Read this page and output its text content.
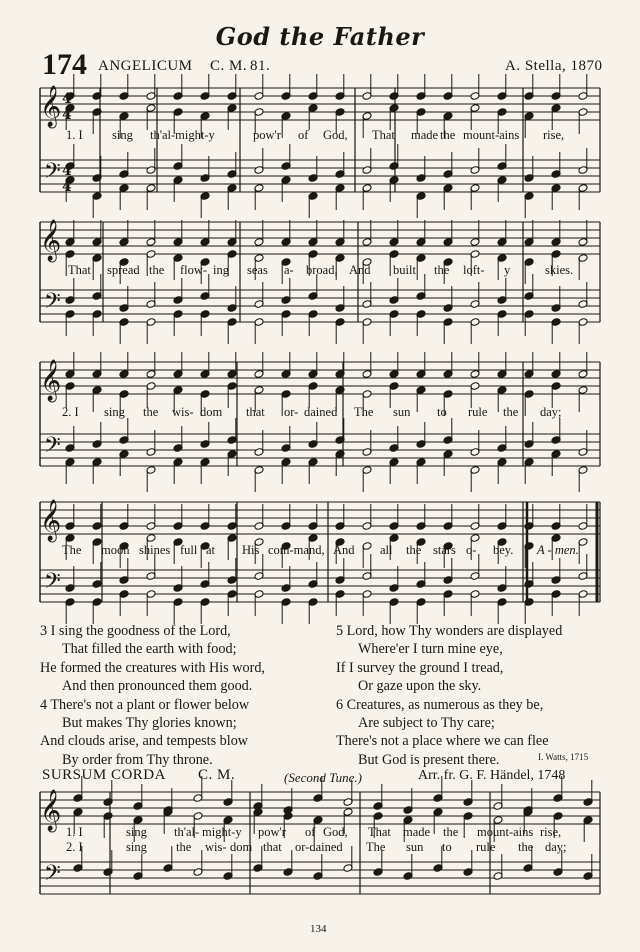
God the Father
174 ANGELICUM C. M. 81.	A. Stella, 1870
𝄞
𝄢
𝄞
𝄢
𝄞
𝄢
𝄞
𝄢
4
4
4
4
𝄞
𝄢
1. I sing th'al-might-y	pow'r of God, That made the mount-ains rise,
That spread the flow- ing seas a- broad, And built the loft- y	skies.
2. I sing the wis- dom that or- dained The sun to rule the day;
The moon shines full at His com-mand, And all the stars o- bey. A - men.
3 I sing the goodness of the Lord,
That filled the earth with food;
He formed the creatures with His word,
And then pronounced them good.
4 There's not a plant or flower below
But makes Thy glories known;
And clouds arise, and tempests blow
By order from Thy throne.
5 Lord, how Thy wonders are displayed
Where'er I turn mine eye,
If I survey the ground I tread,
Or gaze upon the sky.
6 Creatures, as numerous as they be,
Are subject to Thy care;
There's not a place where we can flee
But God is present there.	I. Watts, 1715
SURSUM CORDA C. M.	(Second Tune.)	Arr. fr. G. F. Händel, 1748
1. I	sing th'al- might-y pow'r of God, That made the mount-ains rise,
2. I	sing the wis- dom that or-dained The sun to rule the day;
134
